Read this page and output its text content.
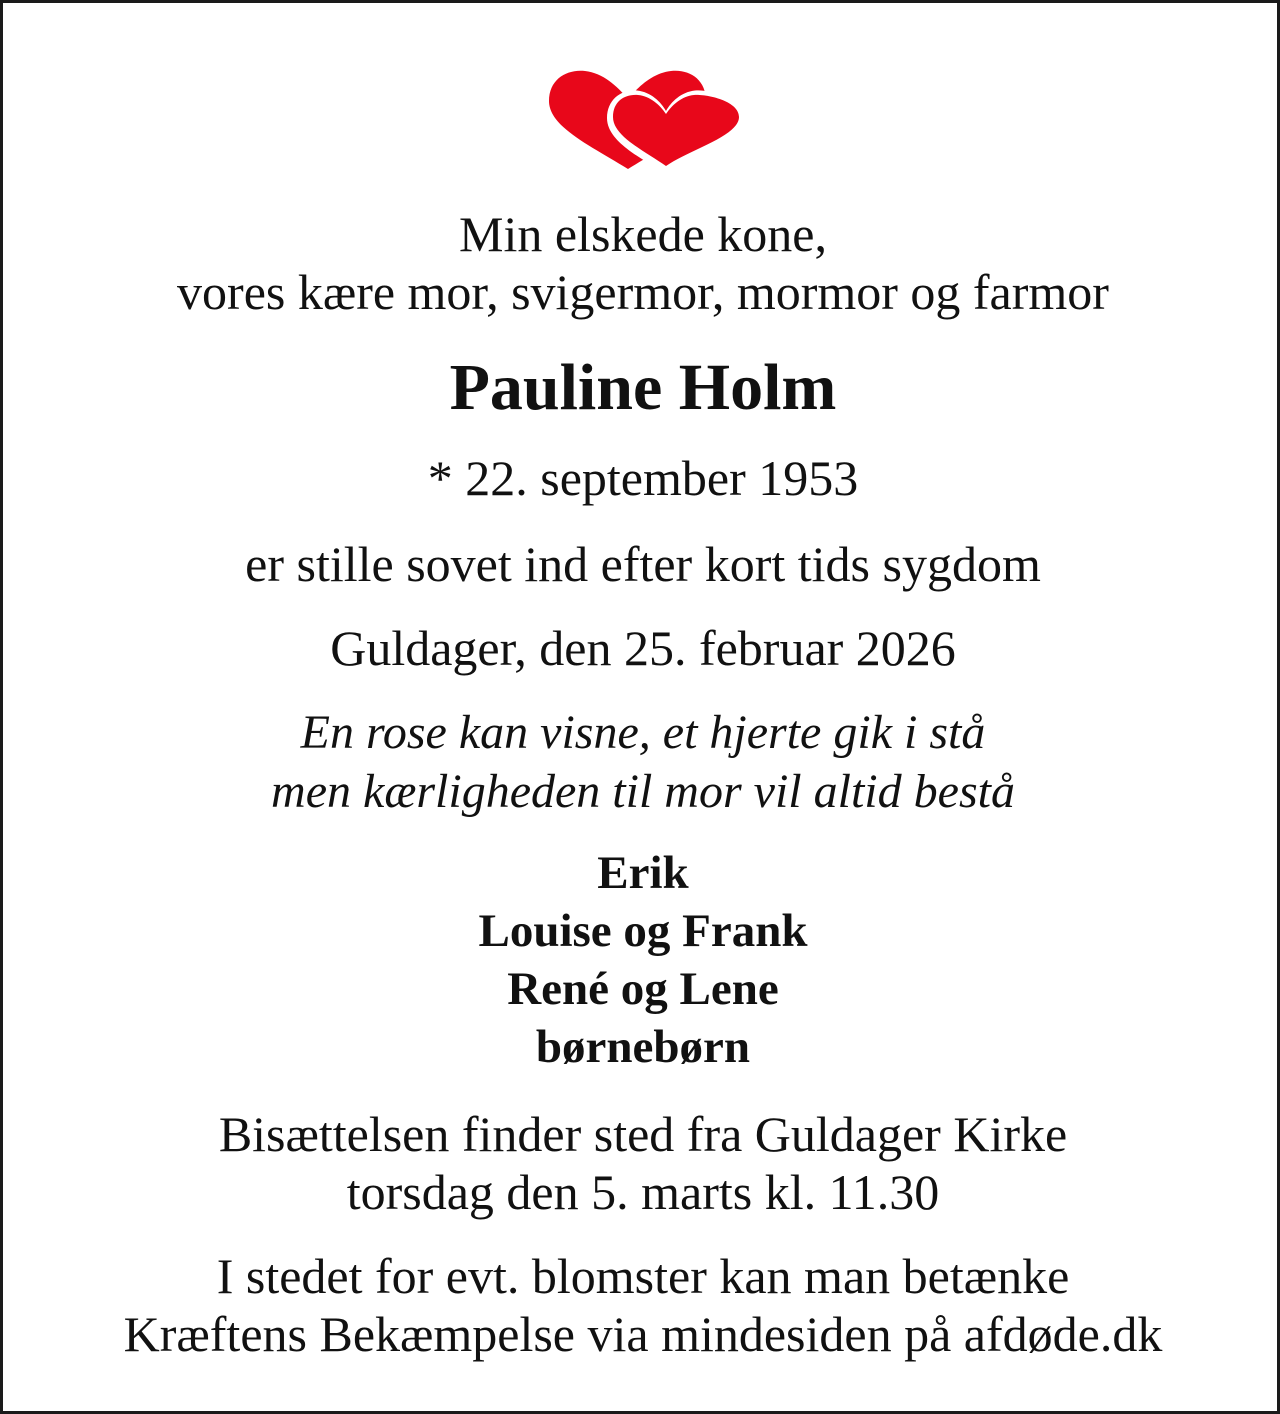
Min elskede kone,
vores kære mor, svigermor, mormor og farmor
Pauline Holm
* 22. september 1953
er stille sovet ind efter kort tids sygdom
Guldager, den 25. februar 2026
En rose kan visne, et hjerte gik i stå
men kærligheden til mor vil altid bestå
Erik
Louise og Frank
René og Lene
børnebørn
Bisættelsen finder sted fra Guldager Kirke
torsdag den 5. marts kl. 11.30
I stedet for evt. blomster kan man betænke
Kræftens Bekæmpelse via mindesiden på afdøde.dk
